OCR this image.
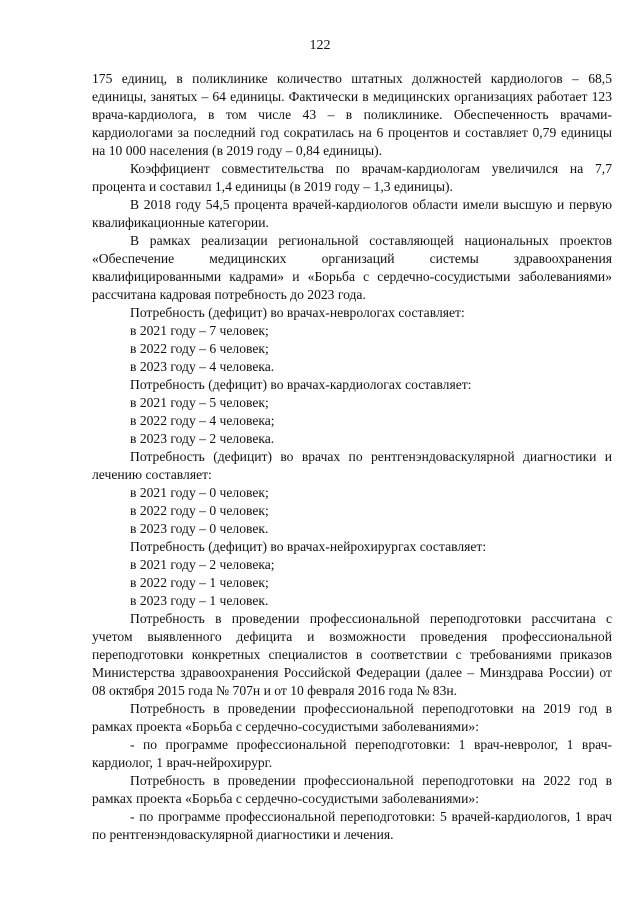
122

175 единиц, в поликлинике количество штатных должностей кардиологов – 68,5 единицы, занятых – 64 единицы. Фактически в медицинских организациях работает 123 врача-кардиолога, в том числе 43 – в поликлинике. Обеспеченность врачами-кардиологами за последний год сократилась на 6 процентов и составляет 0,79 единицы на 10 000 населения (в 2019 году – 0,84 единицы).

Коэффициент совместительства по врачам-кардиологам увеличился на 7,7 процента и составил 1,4 единицы (в 2019 году – 1,3 единицы).

В 2018 году 54,5 процента врачей-кардиологов области имели высшую и первую квалификационные категории.

В рамках реализации региональной составляющей национальных проектов «Обеспечение медицинских организаций системы здравоохранения квалифицированными кадрами» и «Борьба с сердечно-сосудистыми заболеваниями» рассчитана кадровая потребность до 2023 года.

Потребность (дефицит) во врачах-неврологах составляет:

в 2021 году – 7 человек;

в 2022 году – 6 человек;

в 2023 году – 4 человека.

Потребность (дефицит) во врачах-кардиологах составляет:

в 2021 году – 5 человек;

в 2022 году – 4 человека;

в 2023 году – 2 человека.

Потребность (дефицит) во врачах по рентгенэндоваскулярной диагностики и лечению составляет:

в 2021 году – 0 человек;

в 2022 году – 0 человек;

в 2023 году – 0 человек.

Потребность (дефицит) во врачах-нейрохирургах составляет:

в 2021 году – 2 человека;

в 2022 году – 1 человек;

в 2023 году – 1 человек.

Потребность в проведении профессиональной переподготовки рассчитана с учетом выявленного дефицита и возможности проведения профессиональной переподготовки конкретных специалистов в соответствии с требованиями приказов Министерства здравоохранения Российской Федерации (далее – Минздрава России) от 08 октября 2015 года № 707н и от 10 февраля 2016 года № 83н.

Потребность в проведении профессиональной переподготовки на 2019 год в рамках проекта «Борьба с сердечно-сосудистыми заболеваниями»:

- по программе профессиональной переподготовки: 1 врач-невролог, 1 врач-кардиолог, 1 врач-нейрохирург.

Потребность в проведении профессиональной переподготовки на 2022 год в рамках проекта «Борьба с сердечно-сосудистыми заболеваниями»:

- по программе профессиональной переподготовки: 5 врачей-кардиологов, 1 врач по рентгенэндоваскулярной диагностики и лечения.
